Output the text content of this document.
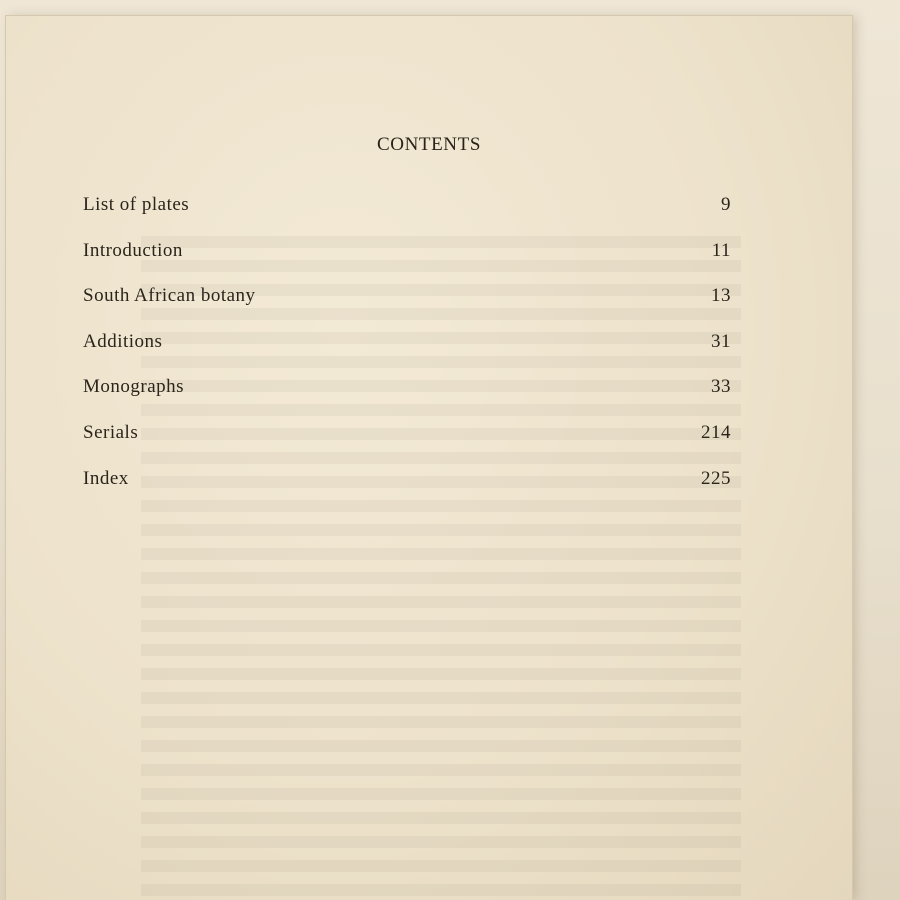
CONTENTS
List of plates	9
Introduction	11
South African botany	13
Additions	31
Monographs	33
Serials	214
Index	225
